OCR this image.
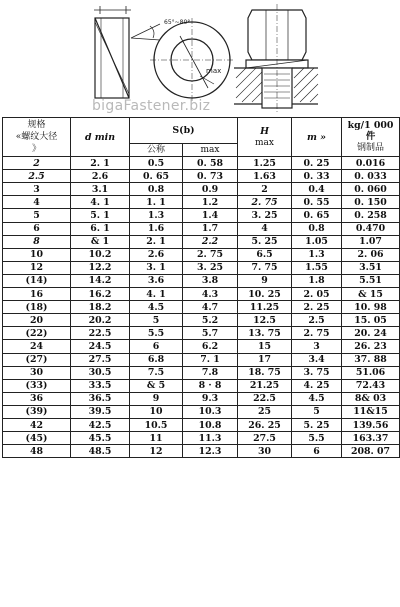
65°~80°
max
bigaFastener.biz
规格
«螺纹大径
》	d min	S(b)		H
max	m »	kg/1 000 件
钢制品
		公称	max			
2	2. 1	0.5	0. 58	1.25	0. 25	0.016
2.5	2.6	0. 65	0. 73	1.63	0. 33	0. 033
3	3.1	0.8	0.9	2	0.4	0. 060
4	4. 1	1. 1	1.2	2. 75	0. 55	0. 150
5	5. 1	1.3	1.4	3. 25	0. 65	0. 258
6	6. 1	1.6	1.7	4	0.8	0.470
8	& 1	2. 1	2.2	5. 25	1.05	1.07
10	10.2	2.6	2. 75	6.5	1.3	2. 06
12	12.2	3. 1	3. 25	7. 75	1.55	3.51
(14)	14.2	3.6	3.8	9	1.8	5.51
16	16.2	4. 1	4.3	10. 25	2. 05	& 15
(18)	18.2	4.5	4.7	11.25	2. 25	10. 98
20	20.2	5	5.2	12.5	2.5	15. 05
(22)	22.5	5.5	5.7	13. 75	2. 75	20. 24
24	24.5	6	6.2	15	3	26. 23
(27)	27.5	6.8	7. 1	17	3.4	37. 88
30	30.5	7.5	7.8	18. 75	3. 75	51.06
(33)	33.5	& 5	8 · 8	21.25	4. 25	72.43
36	36.5	9	9.3	22.5	4.5	8& 03
(39)	39.5	10	10.3	25	5	11&15
42	42.5	10.5	10.8	26. 25	5. 25	139.56
(45)	45.5	11	11.3	27.5	5.5	163.37
48	48.5	12	12.3	30	6	208. 07
